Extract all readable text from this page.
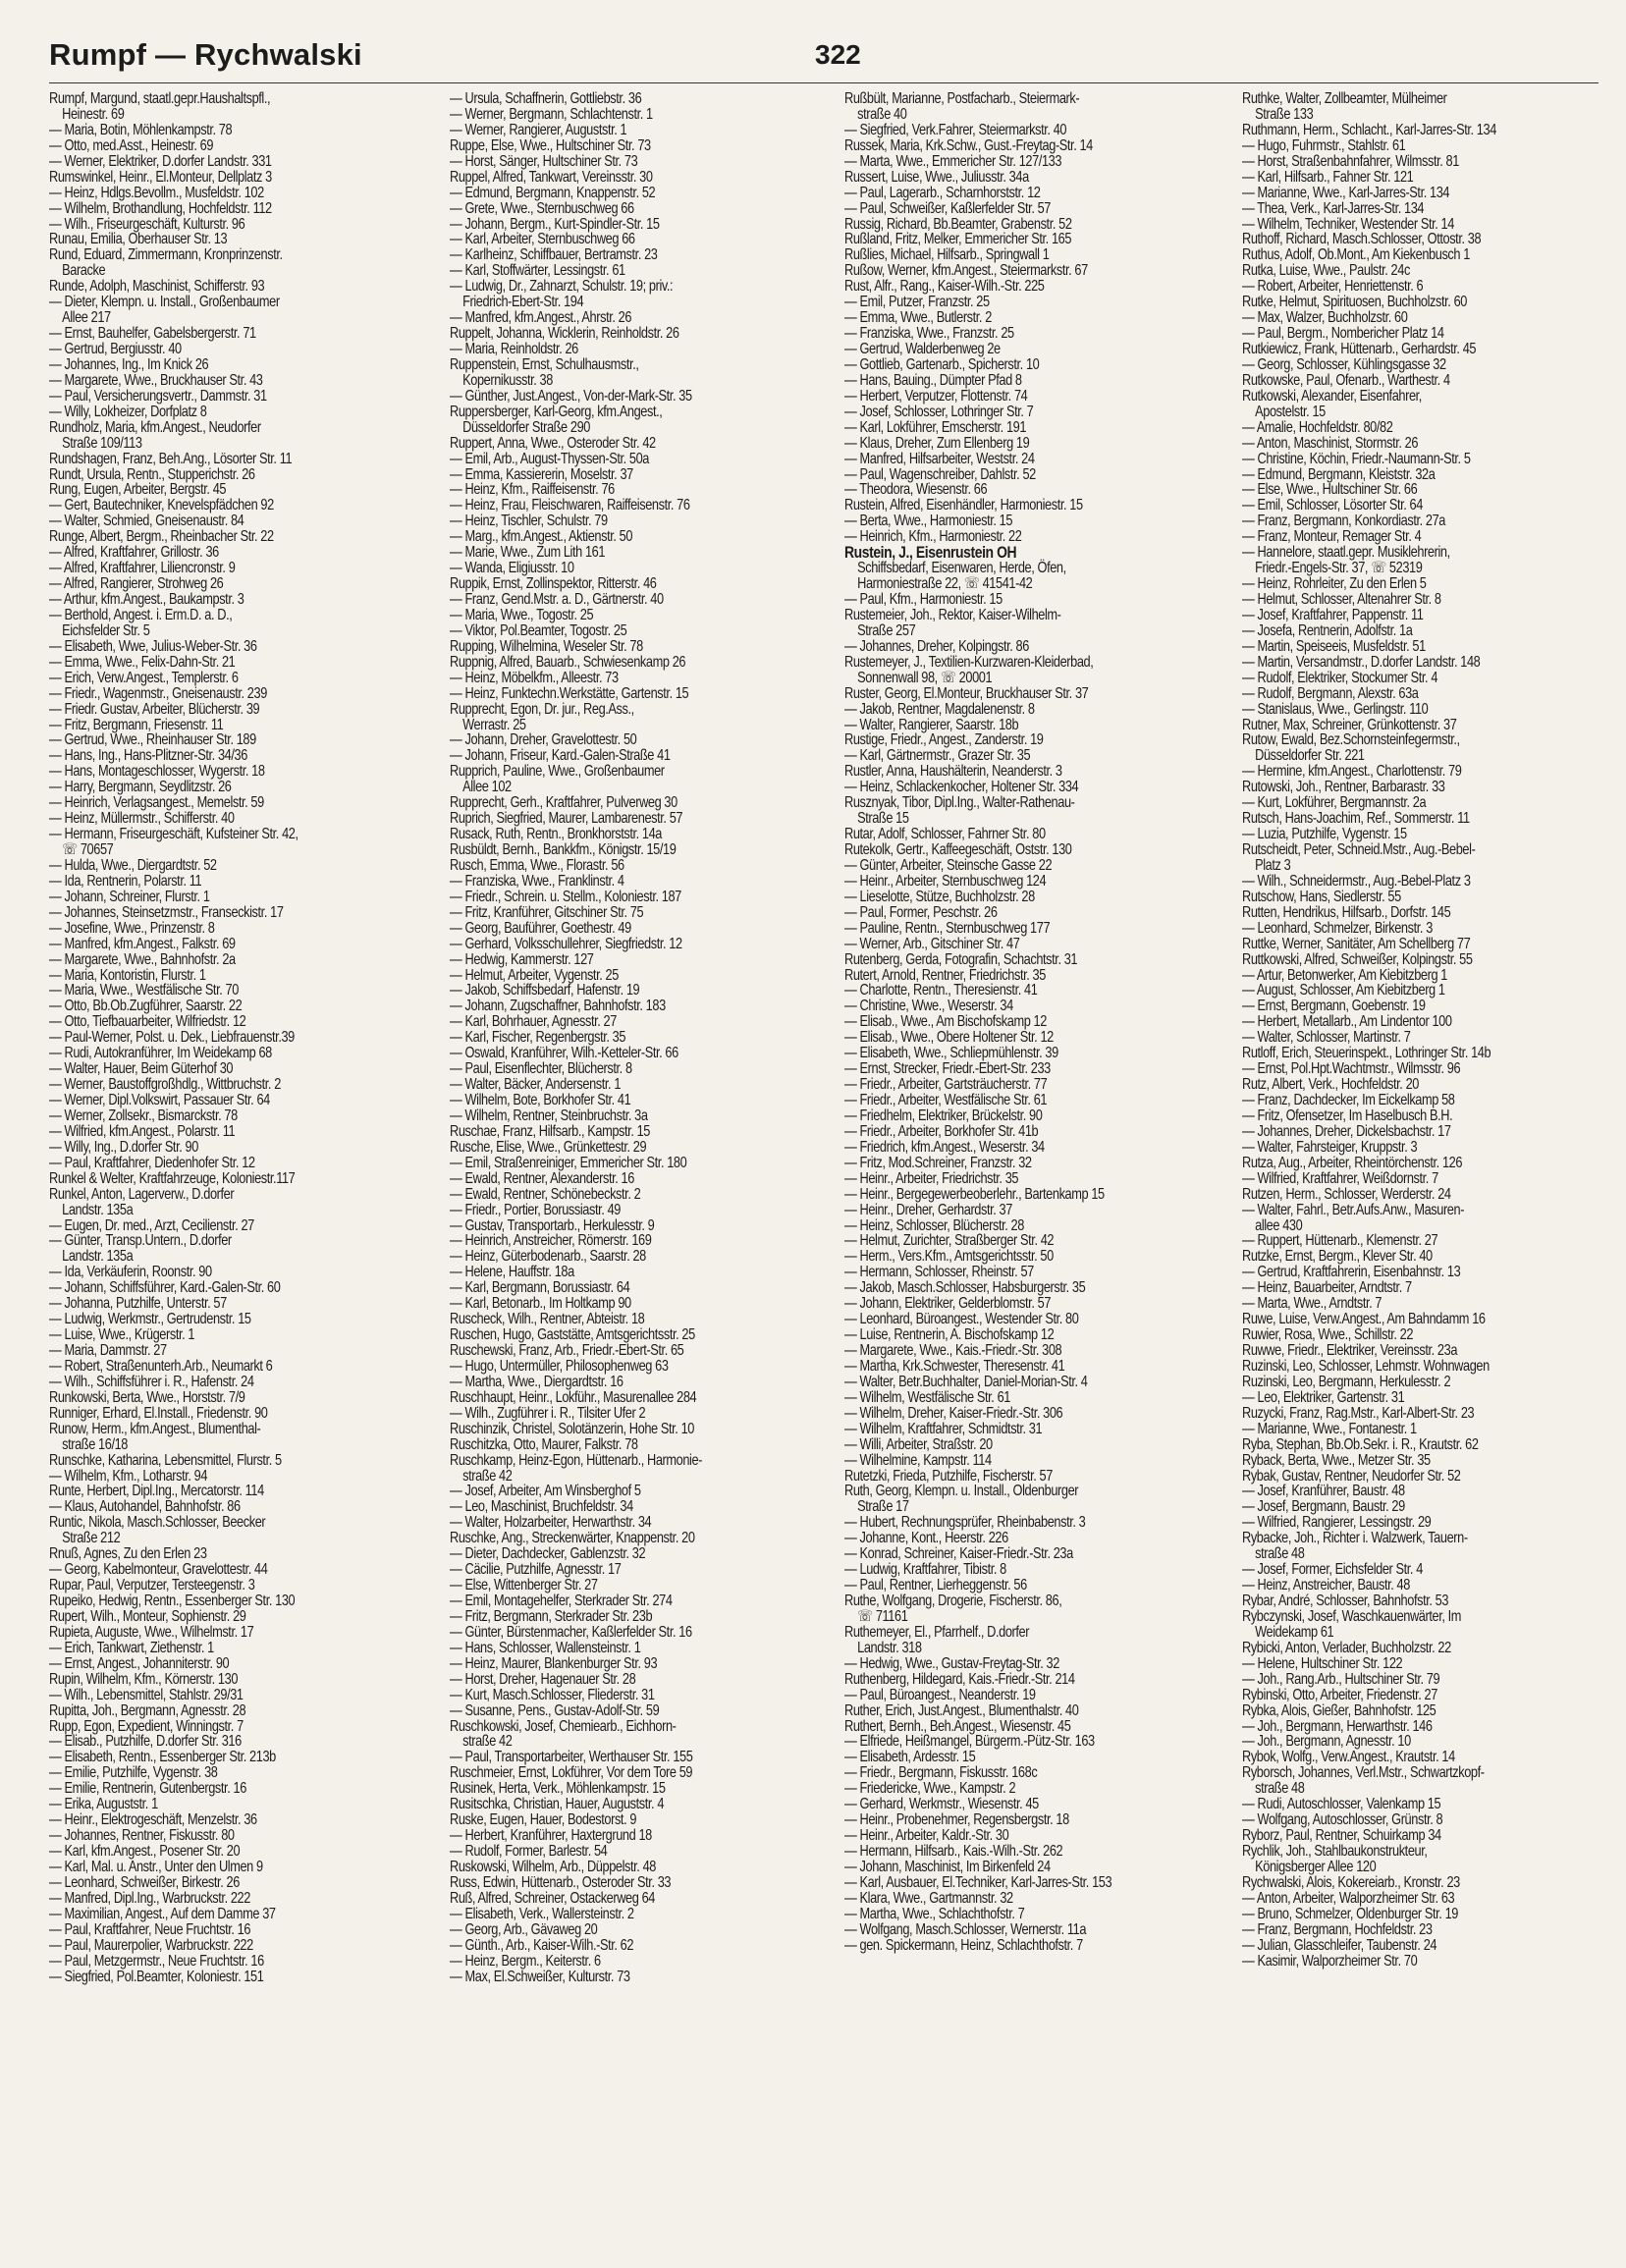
Rumpf — Rychwalski	322
Rumpf, Margund, staatl.gepr.Haushaltspfl.,
Heinestr. 69
— Maria, Botin, Möhlenkampstr. 78
— Otto, med.Asst., Heinestr. 69
— Werner, Elektriker, D.dorfer Landstr. 331
Rumswinkel, Heinr., El.Monteur, Dellplatz 3
— Heinz, Hdlgs.Bevollm., Musfeldstr. 102
— Wilhelm, Brothandlung, Hochfeldstr. 112
— Wilh., Friseurgeschäft, Kulturstr. 96
Runau, Emilia, Oberhauser Str. 13
Rund, Eduard, Zimmermann, Kronprinzenstr.
Baracke
Runde, Adolph, Maschinist, Schifferstr. 93
— Dieter, Klempn. u. Install., Großenbaumer
Allee 217
— Ernst, Bauhelfer, Gabelsbergerstr. 71
— Gertrud, Bergiusstr. 40
— Johannes, Ing., Im Knick 26
— Margarete, Wwe., Bruckhauser Str. 43
— Paul, Versicherungsvertr., Dammstr. 31
— Willy, Lokheizer, Dorfplatz 8
Rundholz, Maria, kfm.Angest., Neudorfer
Straße 109/113
Rundshagen, Franz, Beh.Ang., Lösorter Str. 11
Rundt, Ursula, Rentn., Stupperichstr. 26
Rung, Eugen, Arbeiter, Bergstr. 45
— Gert, Bautechniker, Knevelspfädchen 92
— Walter, Schmied, Gneisenaustr. 84
Runge, Albert, Bergm., Rheinbacher Str. 22
— Alfred, Kraftfahrer, Grillostr. 36
— Alfred, Kraftfahrer, Liliencronstr. 9
— Alfred, Rangierer, Strohweg 26
— Arthur, kfm.Angest., Baukampstr. 3
— Berthold, Angest. i. Erm.D. a. D.,
Eichsfelder Str. 5
— Elisabeth, Wwe, Julius-Weber-Str. 36
— Emma, Wwe., Felix-Dahn-Str. 21
— Erich, Verw.Angest., Templerstr. 6
— Friedr., Wagenmstr., Gneisenaustr. 239
— Friedr. Gustav, Arbeiter, Blücherstr. 39
— Fritz, Bergmann, Friesenstr. 11
— Gertrud, Wwe., Rheinhauser Str. 189
— Hans, Ing., Hans-Plitzner-Str. 34/36
— Hans, Montageschlosser, Wygerstr. 18
— Harry, Bergmann, Seydlitzstr. 26
— Heinrich, Verlagsangest., Memelstr. 59
— Heinz, Müllermstr., Schifferstr. 40
— Hermann, Friseurgeschäft, Kufsteiner Str. 42,
☏ 70657
— Hulda, Wwe., Diergardtstr. 52
— Ida, Rentnerin, Polarstr. 11
— Johann, Schreiner, Flurstr. 1
— Johannes, Steinsetzmstr., Franseckistr. 17
— Josefine, Wwe., Prinzenstr. 8
— Manfred, kfm.Angest., Falkstr. 69
— Margarete, Wwe., Bahnhofstr. 2a
— Maria, Kontoristin, Flurstr. 1
— Maria, Wwe., Westfälische Str. 70
— Otto, Bb.Ob.Zugführer, Saarstr. 22
— Otto, Tiefbauarbeiter, Wilfriedstr. 12
— Paul-Werner, Polst. u. Dek., Liebfrauenstr.39
— Rudi, Autokranführer, Im Weidekamp 68
— Walter, Hauer, Beim Güterhof 30
— Werner, Baustoffgroßhdlg., Wittbruchstr. 2
— Werner, Dipl.Volkswirt, Passauer Str. 64
— Werner, Zollsekr., Bismarckstr. 78
— Wilfried, kfm.Angest., Polarstr. 11
— Willy, Ing., D.dorfer Str. 90
— Paul, Kraftfahrer, Diedenhofer Str. 12
Runkel & Welter, Kraftfahrzeuge, Koloniestr.117
Runkel, Anton, Lagerverw., D.dorfer
Landstr. 135a
— Eugen, Dr. med., Arzt, Cecilienstr. 27
— Günter, Transp.Untern., D.dorfer
Landstr. 135a
— Ida, Verkäuferin, Roonstr. 90
— Johann, Schiffsführer, Kard.-Galen-Str. 60
— Johanna, Putzhilfe, Unterstr. 57
— Ludwig, Werkmstr., Gertrudenstr. 15
— Luise, Wwe., Krügerstr. 1
— Maria, Dammstr. 27
— Robert, Straßenunterh.Arb., Neumarkt 6
— Wilh., Schiffsführer i. R., Hafenstr. 24
Runkowski, Berta, Wwe., Horststr. 7/9
Runniger, Erhard, El.Install., Friedenstr. 90
Runow, Herm., kfm.Angest., Blumenthal-
straße 16/18
Runschke, Katharina, Lebensmittel, Flurstr. 5
— Wilhelm, Kfm., Lotharstr. 94
Runte, Herbert, Dipl.Ing., Mercatorstr. 114
— Klaus, Autohandel, Bahnhofstr. 86
Runtic, Nikola, Masch.Schlosser, Beecker
Straße 212
Rnuß, Agnes, Zu den Erlen 23
— Georg, Kabelmonteur, Gravelottestr. 44
Rupar, Paul, Verputzer, Tersteegenstr. 3
Rupeiko, Hedwig, Rentn., Essenberger Str. 130
Rupert, Wilh., Monteur, Sophienstr. 29
Rupieta, Auguste, Wwe., Wilhelmstr. 17
— Erich, Tankwart, Ziethenstr. 1
— Ernst, Angest., Johanniterstr. 90
Rupin, Wilhelm, Kfm., Körnerstr. 130
— Wilh., Lebensmittel, Stahlstr. 29/31
Rupitta, Joh., Bergmann, Agnesstr. 28
Rupp, Egon, Expedient, Winningstr. 7
— Elisab., Putzhilfe, D.dorfer Str. 316
— Elisabeth, Rentn., Essenberger Str. 213b
— Emilie, Putzhilfe, Vygenstr. 38
— Emilie, Rentnerin, Gutenbergstr. 16
— Erika, Auguststr. 1
— Heinr., Elektrogeschäft, Menzelstr. 36
— Johannes, Rentner, Fiskusstr. 80
— Karl, kfm.Angest., Posener Str. 20
— Karl, Mal. u. Anstr., Unter den Ulmen 9
— Leonhard, Schweißer, Birkestr. 26
— Manfred, Dipl.Ing., Warbruckstr. 222
— Maximilian, Angest., Auf dem Damme 37
— Paul, Kraftfahrer, Neue Fruchtstr. 16
— Paul, Maurerpolier, Warbruckstr. 222
— Paul, Metzgermstr., Neue Fruchtstr. 16
— Siegfried, Pol.Beamter, Koloniestr. 151
— Ursula, Schaffnerin, Gottliebstr. 36
— Werner, Bergmann, Schlachtenstr. 1
— Werner, Rangierer, Auguststr. 1
Ruppe, Else, Wwe., Hultschiner Str. 73
— Horst, Sänger, Hultschiner Str. 73
Ruppel, Alfred, Tankwart, Vereinsstr. 30
— Edmund, Bergmann, Knappenstr. 52
— Grete, Wwe., Sternbuschweg 66
— Johann, Bergm., Kurt-Spindler-Str. 15
— Karl, Arbeiter, Sternbuschweg 66
— Karlheinz, Schiffbauer, Bertramstr. 23
— Karl, Stoffwärter, Lessingstr. 61
— Ludwig, Dr., Zahnarzt, Schulstr. 19; priv.:
Friedrich-Ebert-Str. 194
— Manfred, kfm.Angest., Ahrstr. 26
Ruppelt, Johanna, Wicklerin, Reinholdstr. 26
— Maria, Reinholdstr. 26
Ruppenstein, Ernst, Schulhausmstr.,
Kopernikusstr. 38
— Günther, Just.Angest., Von-der-Mark-Str. 35
Ruppersberger, Karl-Georg, kfm.Angest.,
Düsseldorfer Straße 290
Ruppert, Anna, Wwe., Osteroder Str. 42
— Emil, Arb., August-Thyssen-Str. 50a
— Emma, Kassiererin, Moselstr. 37
— Heinz, Kfm., Raiffeisenstr. 76
— Heinz, Frau, Fleischwaren, Raiffeisenstr. 76
— Heinz, Tischler, Schulstr. 79
— Marg., kfm.Angest., Aktienstr. 50
— Marie, Wwe., Zum Lith 161
— Wanda, Eligiusstr. 10
Ruppik, Ernst, Zollinspektor, Ritterstr. 46
— Franz, Gend.Mstr. a. D., Gärtnerstr. 40
— Maria, Wwe., Togostr. 25
— Viktor, Pol.Beamter, Togostr. 25
Rupping, Wilhelmina, Weseler Str. 78
Ruppnig, Alfred, Bauarb., Schwiesenkamp 26
— Heinz, Möbelkfm., Alleestr. 73
— Heinz, Funktechn.Werkstätte, Gartenstr. 15
Rupprecht, Egon, Dr. jur., Reg.Ass.,
Werrastr. 25
— Johann, Dreher, Gravelottestr. 50
— Johann, Friseur, Kard.-Galen-Straße 41
Rupprich, Pauline, Wwe., Großenbaumer
Allee 102
Rupprecht, Gerh., Kraftfahrer, Pulverweg 30
Ruprich, Siegfried, Maurer, Lambarenestr. 57
Rusack, Ruth, Rentn., Bronkhorststr. 14a
Rusbüldt, Bernh., Bankkfm., Königstr. 15/19
Rusch, Emma, Wwe., Florastr. 56
— Franziska, Wwe., Franklinstr. 4
— Friedr., Schrein. u. Stellm., Koloniestr. 187
— Fritz, Kranführer, Gitschiner Str. 75
— Georg, Bauführer, Goethestr. 49
— Gerhard, Volksschullehrer, Siegfriedstr. 12
— Hedwig, Kammerstr. 127
— Helmut, Arbeiter, Vygenstr. 25
— Jakob, Schiffsbedarf, Hafenstr. 19
— Johann, Zugschaffner, Bahnhofstr. 183
— Karl, Bohrhauer, Agnesstr. 27
— Karl, Fischer, Regenbergstr. 35
— Oswald, Kranführer, Wilh.-Ketteler-Str. 66
— Paul, Eisenflechter, Blücherstr. 8
— Walter, Bäcker, Andersenstr. 1
— Wilhelm, Bote, Borkhofer Str. 41
— Wilhelm, Rentner, Steinbruchstr. 3a
Ruschae, Franz, Hilfsarb., Kampstr. 15
Rusche, Elise, Wwe., Grünkettestr. 29
— Emil, Straßenreiniger, Emmericher Str. 180
— Ewald, Rentner, Alexanderstr. 16
— Ewald, Rentner, Schönebeckstr. 2
— Friedr., Portier, Borussiastr. 49
— Gustav, Transportarb., Herkulesstr. 9
— Heinrich, Anstreicher, Römerstr. 169
— Heinz, Güterbodenarb., Saarstr. 28
— Helene, Hauffstr. 18a
— Karl, Bergmann, Borussiastr. 64
— Karl, Betonarb., Im Holtkamp 90
Ruscheck, Wilh., Rentner, Abteistr. 18
Ruschen, Hugo, Gaststätte, Amtsgerichtsstr. 25
Ruschewski, Franz, Arb., Friedr.-Ebert-Str. 65
— Hugo, Untermüller, Philosophenweg 63
— Martha, Wwe., Diergardtstr. 16
Ruschhaupt, Heinr., Lokführ., Masurenallee 284
— Wilh., Zugführer i. R., Tilsiter Ufer 2
Ruschinzik, Christel, Solotänzerin, Hohe Str. 10
Ruschitzka, Otto, Maurer, Falkstr. 78
Ruschkamp, Heinz-Egon, Hüttenarb., Harmonie-
straße 42
— Josef, Arbeiter, Am Winsberghof 5
— Leo, Maschinist, Bruchfeldstr. 34
— Walter, Holzarbeiter, Herwarthstr. 34
Ruschke, Ang., Streckenwärter, Knappenstr. 20
— Dieter, Dachdecker, Gablenzstr. 32
— Cäcilie, Putzhilfe, Agnesstr. 17
— Else, Wittenberger Str. 27
— Emil, Montagehelfer, Sterkrader Str. 274
— Fritz, Bergmann, Sterkrader Str. 23b
— Günter, Bürstenmacher, Kaßlerfelder Str. 16
— Hans, Schlosser, Wallensteinstr. 1
— Heinz, Maurer, Blankenburger Str. 93
— Horst, Dreher, Hagenauer Str. 28
— Kurt, Masch.Schlosser, Fliederstr. 31
— Susanne, Pens., Gustav-Adolf-Str. 59
Ruschkowski, Josef, Chemiearb., Eichhorn-
straße 42
— Paul, Transportarbeiter, Werthauser Str. 155
Ruschmeier, Ernst, Lokführer, Vor dem Tore 59
Rusinek, Herta, Verk., Möhlenkampstr. 15
Rusitschka, Christian, Hauer, Auguststr. 4
Ruske, Eugen, Hauer, Bodestorst. 9
— Herbert, Kranführer, Haxtergrund 18
— Rudolf, Former, Barlestr. 54
Ruskowski, Wilhelm, Arb., Düppelstr. 48
Russ, Edwin, Hüttenarb., Osteroder Str. 33
Ruß, Alfred, Schreiner, Ostackerweg 64
— Elisabeth, Verk., Wallersteinstr. 2
— Georg, Arb., Gävaweg 20
— Günth., Arb., Kaiser-Wilh.-Str. 62
— Heinz, Bergm., Keiterstr. 6
— Max, El.Schweißer, Kulturstr. 73
Rußbült, Marianne, Postfacharb., Steiermark-
straße 40
— Siegfried, Verk.Fahrer, Steiermarkstr. 40
Russek, Maria, Krk.Schw., Gust.-Freytag-Str. 14
— Marta, Wwe., Emmericher Str. 127/133
Russert, Luise, Wwe., Juliusstr. 34a
— Paul, Lagerarb., Scharnhorststr. 12
— Paul, Schweißer, Kaßlerfelder Str. 57
Russig, Richard, Bb.Beamter, Grabenstr. 52
Rußland, Fritz, Melker, Emmericher Str. 165
Rußlies, Michael, Hilfsarb., Springwall 1
Rußow, Werner, kfm.Angest., Steiermarkstr. 67
Rust, Alfr., Rang., Kaiser-Wilh.-Str. 225
— Emil, Putzer, Franzstr. 25
— Emma, Wwe., Butlerstr. 2
— Franziska, Wwe., Franzstr. 25
— Gertrud, Walderbenweg 2e
— Gottlieb, Gartenarb., Spicherstr. 10
— Hans, Bauing., Dümpter Pfad 8
— Herbert, Verputzer, Flottenstr. 74
— Josef, Schlosser, Lothringer Str. 7
— Karl, Lokführer, Emscherstr. 191
— Klaus, Dreher, Zum Ellenberg 19
— Manfred, Hilfsarbeiter, Weststr. 24
— Paul, Wagenschreiber, Dahlstr. 52
— Theodora, Wiesenstr. 66
Rustein, Alfred, Eisenhändler, Harmoniestr. 15
— Berta, Wwe., Harmoniestr. 15
— Heinrich, Kfm., Harmoniestr. 22
Rustein, J., Eisenrustein OH
Schiffsbedarf, Eisenwaren, Herde, Öfen,
Harmoniestraße 22, ☏ 41541-42
— Paul, Kfm., Harmoniestr. 15
Rustemeier, Joh., Rektor, Kaiser-Wilhelm-
Straße 257
— Johannes, Dreher, Kolpingstr. 86
Rustemeyer, J., Textilien-Kurzwaren-Kleiderbad,
Sonnenwall 98, ☏ 20001
Ruster, Georg, El.Monteur, Bruckhauser Str. 37
— Jakob, Rentner, Magdalenenstr. 8
— Walter, Rangierer, Saarstr. 18b
Rustige, Friedr., Angest., Zanderstr. 19
— Karl, Gärtnermstr., Grazer Str. 35
Rustler, Anna, Haushälterin, Neanderstr. 3
— Heinz, Schlackenkocher, Holtener Str. 334
Rusznyak, Tibor, Dipl.Ing., Walter-Rathenau-
Straße 15
Rutar, Adolf, Schlosser, Fahrner Str. 80
Rutekolk, Gertr., Kaffeegeschäft, Oststr. 130
— Günter, Arbeiter, Steinsche Gasse 22
— Heinr., Arbeiter, Sternbuschweg 124
— Lieselotte, Stütze, Buchholzstr. 28
— Paul, Former, Peschstr. 26
— Pauline, Rentn., Sternbuschweg 177
— Werner, Arb., Gitschiner Str. 47
Rutenberg, Gerda, Fotografin, Schachtstr. 31
Rutert, Arnold, Rentner, Friedrichstr. 35
— Charlotte, Rentn., Theresienstr. 41
— Christine, Wwe., Weserstr. 34
— Elisab., Wwe., Am Bischofskamp 12
— Elisab., Wwe., Obere Holtener Str. 12
— Elisabeth, Wwe., Schliepmühlenstr. 39
— Ernst, Strecker, Friedr.-Ebert-Str. 233
— Friedr., Arbeiter, Gartsträucherstr. 77
— Friedr., Arbeiter, Westfälische Str. 61
— Friedhelm, Elektriker, Brückelstr. 90
— Friedr., Arbeiter, Borkhofer Str. 41b
— Friedrich, kfm.Angest., Weserstr. 34
— Fritz, Mod.Schreiner, Franzstr. 32
— Heinr., Arbeiter, Friedrichstr. 35
— Heinr., Bergegewerbeoberlehr., Bartenkamp 15
— Heinr., Dreher, Gerhardstr. 37
— Heinz, Schlosser, Blücherstr. 28
— Helmut, Zurichter, Straßberger Str. 42
— Herm., Vers.Kfm., Amtsgerichtsstr. 50
— Hermann, Schlosser, Rheinstr. 57
— Jakob, Masch.Schlosser, Habsburgerstr. 35
— Johann, Elektriker, Gelderblomstr. 57
— Leonhard, Büroangest., Westender Str. 80
— Luise, Rentnerin, A. Bischofskamp 12
— Margarete, Wwe., Kais.-Friedr.-Str. 308
— Martha, Krk.Schwester, Theresenstr. 41
— Walter, Betr.Buchhalter, Daniel-Morian-Str. 4
— Wilhelm, Westfälische Str. 61
— Wilhelm, Dreher, Kaiser-Friedr.-Str. 306
— Wilhelm, Kraftfahrer, Schmidtstr. 31
— Willi, Arbeiter, Straßstr. 20
— Wilhelmine, Kampstr. 114
Rutetzki, Frieda, Putzhilfe, Fischerstr. 57
Ruth, Georg, Klempn. u. Install., Oldenburger
Straße 17
— Hubert, Rechnungsprüfer, Rheinbabenstr. 3
— Johanne, Kont., Heerstr. 226
— Konrad, Schreiner, Kaiser-Friedr.-Str. 23a
— Ludwig, Kraftfahrer, Tibistr. 8
— Paul, Rentner, Lierheggenstr. 56
Ruthe, Wolfgang, Drogerie, Fischerstr. 86,
☏ 71161
Ruthemeyer, El., Pfarrhelf., D.dorfer
Landstr. 318
— Hedwig, Wwe., Gustav-Freytag-Str. 32
Ruthenberg, Hildegard, Kais.-Friedr.-Str. 214
— Paul, Büroangest., Neanderstr. 19
Ruther, Erich, Just.Angest., Blumenthalstr. 40
Ruthert, Bernh., Beh.Angest., Wiesenstr. 45
— Elfriede, Heißmangel, Bürgerm.-Pütz-Str. 163
— Elisabeth, Ardesstr. 15
— Friedr., Bergmann, Fiskusstr. 168c
— Friedericke, Wwe., Kampstr. 2
— Gerhard, Werkmstr., Wiesenstr. 45
— Heinr., Probenehmer, Regensbergstr. 18
— Heinr., Arbeiter, Kaldr.-Str. 30
— Hermann, Hilfsarb., Kais.-Wilh.-Str. 262
— Johann, Maschinist, Im Birkenfeld 24
— Karl, Ausbauer, El.Techniker, Karl-Jarres-Str. 153
— Klara, Wwe., Gartmannstr. 32
— Martha, Wwe., Schlachthofstr. 7
— Wolfgang, Masch.Schlosser, Wernerstr. 11a
— gen. Spickermann, Heinz, Schlachthofstr. 7
Ruthke, Walter, Zollbeamter, Mülheimer
Straße 133
Ruthmann, Herm., Schlacht., Karl-Jarres-Str. 134
— Hugo, Fuhrmstr., Stahlstr. 61
— Horst, Straßenbahnfahrer, Wilmsstr. 81
— Karl, Hilfsarb., Fahner Str. 121
— Marianne, Wwe., Karl-Jarres-Str. 134
— Thea, Verk., Karl-Jarres-Str. 134
— Wilhelm, Techniker, Westender Str. 14
Ruthoff, Richard, Masch.Schlosser, Ottostr. 38
Ruthus, Adolf, Ob.Mont., Am Kiekenbusch 1
Rutka, Luise, Wwe., Paulstr. 24c
— Robert, Arbeiter, Henriettenstr. 6
Rutke, Helmut, Spirituosen, Buchholzstr. 60
— Max, Walzer, Buchholzstr. 60
— Paul, Bergm., Nombericher Platz 14
Rutkiewicz, Frank, Hüttenarb., Gerhardstr. 45
— Georg, Schlosser, Kühlingsgasse 32
Rutkowske, Paul, Ofenarb., Warthestr. 4
Rutkowski, Alexander, Eisenfahrer,
Apostelstr. 15
— Amalie, Hochfeldstr. 80/82
— Anton, Maschinist, Stormstr. 26
— Christine, Köchin, Friedr.-Naumann-Str. 5
— Edmund, Bergmann, Kleiststr. 32a
— Else, Wwe., Hultschiner Str. 66
— Emil, Schlosser, Lösorter Str. 64
— Franz, Bergmann, Konkordiastr. 27a
— Franz, Monteur, Remager Str. 4
— Hannelore, staatl.gepr. Musiklehrerin,
Friedr.-Engels-Str. 37, ☏ 52319
— Heinz, Rohrleiter, Zu den Erlen 5
— Helmut, Schlosser, Altenahrer Str. 8
— Josef, Kraftfahrer, Pappenstr. 11
— Josefa, Rentnerin, Adolfstr. 1a
— Martin, Speiseeis, Musfeldstr. 51
— Martin, Versandmstr., D.dorfer Landstr. 148
— Rudolf, Elektriker, Stockumer Str. 4
— Rudolf, Bergmann, Alexstr. 63a
— Stanislaus, Wwe., Gerlingstr. 110
Rutner, Max, Schreiner, Grünkottenstr. 37
Rutow, Ewald, Bez.Schornsteinfegermstr.,
Düsseldorfer Str. 221
— Hermine, kfm.Angest., Charlottenstr. 79
Rutowski, Joh., Rentner, Barbarastr. 33
— Kurt, Lokführer, Bergmannstr. 2a
Rutsch, Hans-Joachim, Ref., Sommerstr. 11
— Luzia, Putzhilfe, Vygenstr. 15
Rutscheidt, Peter, Schneid.Mstr., Aug.-Bebel-
Platz 3
— Wilh., Schneidermstr., Aug.-Bebel-Platz 3
Rutschow, Hans, Siedlerstr. 55
Rutten, Hendrikus, Hilfsarb., Dorfstr. 145
— Leonhard, Schmelzer, Birkenstr. 3
Ruttke, Werner, Sanitäter, Am Schellberg 77
Ruttkowski, Alfred, Schweißer, Kolpingstr. 55
— Artur, Betonwerker, Am Kiebitzberg 1
— August, Schlosser, Am Kiebitzberg 1
— Ernst, Bergmann, Goebenstr. 19
— Herbert, Metallarb., Am Lindentor 100
— Walter, Schlosser, Martinstr. 7
Rutloff, Erich, Steuerinspekt., Lothringer Str. 14b
— Ernst, Pol.Hpt.Wachtmstr., Wilmsstr. 96
Rutz, Albert, Verk., Hochfeldstr. 20
— Franz, Dachdecker, Im Eickelkamp 58
— Fritz, Ofensetzer, Im Haselbusch B.H.
— Johannes, Dreher, Dickelsbachstr. 17
— Walter, Fahrsteiger, Kruppstr. 3
Rutza, Aug., Arbeiter, Rheintörchenstr. 126
— Wilfried, Kraftfahrer, Weißdornstr. 7
Rutzen, Herm., Schlosser, Werderstr. 24
— Walter, Fahrl., Betr.Aufs.Anw., Masuren-
allee 430
— Ruppert, Hüttenarb., Klemenstr. 27
Rutzke, Ernst, Bergm., Klever Str. 40
— Gertrud, Kraftfahrerin, Eisenbahnstr. 13
— Heinz, Bauarbeiter, Arndtstr. 7
— Marta, Wwe., Arndtstr. 7
Ruwe, Luise, Verw.Angest., Am Bahndamm 16
Ruwier, Rosa, Wwe., Schillstr. 22
Ruwwe, Friedr., Elektriker, Vereinsstr. 23a
Ruzinski, Leo, Schlosser, Lehmstr. Wohnwagen
Ruzinski, Leo, Bergmann, Herkulesstr. 2
— Leo, Elektriker, Gartenstr. 31
Ruzycki, Franz, Rag.Mstr., Karl-Albert-Str. 23
— Marianne, Wwe., Fontanestr. 1
Ryba, Stephan, Bb.Ob.Sekr. i. R., Krautstr. 62
Ryback, Berta, Wwe., Metzer Str. 35
Rybak, Gustav, Rentner, Neudorfer Str. 52
— Josef, Kranführer, Baustr. 48
— Josef, Bergmann, Baustr. 29
— Wilfried, Rangierer, Lessingstr. 29
Rybacke, Joh., Richter i. Walzwerk, Tauern-
straße 48
— Josef, Former, Eichsfelder Str. 4
— Heinz, Anstreicher, Baustr. 48
Rybar, André, Schlosser, Bahnhofstr. 53
Rybczynski, Josef, Waschkauenwärter, Im
Weidekamp 61
Rybicki, Anton, Verlader, Buchholzstr. 22
— Helene, Hultschiner Str. 122
— Joh., Rang.Arb., Hultschiner Str. 79
Rybinski, Otto, Arbeiter, Friedenstr. 27
Rybka, Alois, Gießer, Bahnhofstr. 125
— Joh., Bergmann, Herwarthstr. 146
— Joh., Bergmann, Agnesstr. 10
Rybok, Wolfg., Verw.Angest., Krautstr. 14
Ryborsch, Johannes, Verl.Mstr., Schwartzkopf-
straße 48
— Rudi, Autoschlosser, Valenkamp 15
— Wolfgang, Autoschlosser, Grünstr. 8
Ryborz, Paul, Rentner, Schuirkamp 34
Rychlik, Joh., Stahlbaukonstrukteur,
Königsberger Allee 120
Rychwalski, Alois, Kokereiarb., Kronstr. 23
— Anton, Arbeiter, Walporzheimer Str. 63
— Bruno, Schmelzer, Oldenburger Str. 19
— Franz, Bergmann, Hochfeldstr. 23
— Julian, Glasschleifer, Taubenstr. 24
— Kasimir, Walporzheimer Str. 70
